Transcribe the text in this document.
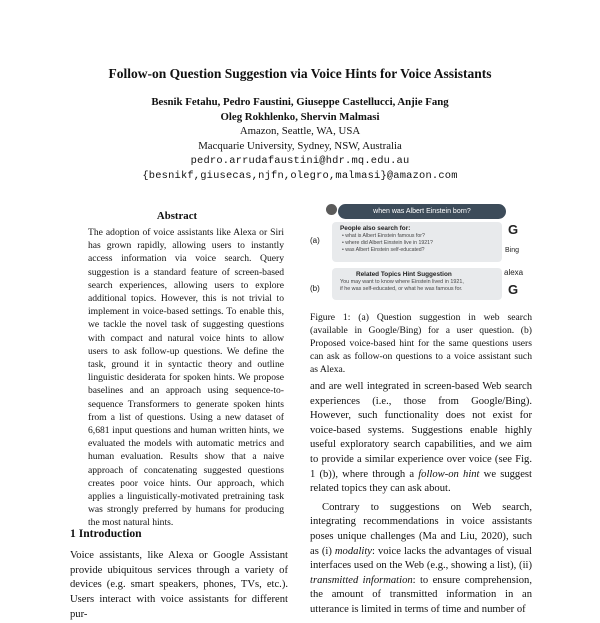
Follow-on Question Suggestion via Voice Hints for Voice Assistants
Besnik Fetahu, Pedro Faustini, Giuseppe Castellucci, Anjie Fang
Oleg Rokhlenko, Shervin Malmasi
Amazon, Seattle, WA, USA
Macquarie University, Sydney, NSW, Australia
pedro.arrudafaustini@hdr.mq.edu.au
{besnikf,giusecas,njfn,olegro,malmasi}@amazon.com
Abstract

The adoption of voice assistants like Alexa or Siri has grown rapidly, allowing users to instantly access information via voice search. Query suggestion is a standard feature of screen-based search experiences, allowing users to explore additional topics. However, this is not trivial to implement in voice-based settings. To enable this, we tackle the novel task of suggesting questions with compact and natural voice hints to allow users to ask follow-up questions. We define the task, ground it in syntactic theory and outline linguistic desiderata for spoken hints. We propose baselines and an approach using sequence-to-sequence Transformers to generate spoken hints from a list of questions. Using a new dataset of 6,681 input questions and human written hints, we evaluated the models with automatic metrics and human evaluation. Results show that a naive approach of concatenating suggested questions creates poor voice hints. Our approach, which applies a linguistically-motivated pretraining task was strongly preferred by humans for producing the most natural hints.

1 Introduction
Voice assistants, like Alexa or Google Assistant provide ubiquitous services through a variety of devices (e.g. smart speakers, phones, TVs, etc.). Users interact with voice assistants for different pur-
when was Albert Einstein born?
(a)
People also search for:
• what is Albert Einstein famous for?
• where did Albert Einstein live in 1921?
• was Albert Einstein self-educated?
G
Bing
(b)
Related Topics Hint Suggestion
You may want to know where Einstein lived in 1921,
if he was self-educated, or what he was famous for.
alexa
G
Figure 1: (a) Question suggestion in web search (available in Google/Bing) for a user question. (b) Proposed voice-based hint for the same questions users can ask as follow-on questions to a voice assistant such as Alexa.

and are well integrated in screen-based Web search experiences (i.e., those from Google/Bing). However, such functionality does not exist for voice-based systems. Suggestions enable highly useful exploratory search capabilities, and we aim to provide a similar experience over voice (see Fig. 1 (b)), where through a follow-on hint we suggest related topics they can ask about.

Contrary to suggestions on Web search, integrating recommendations in voice assistants poses unique challenges (Ma and Liu, 2020), such as (i) modality: voice lacks the advantages of visual interfaces used on the Web (e.g., showing a list), (ii) transmitted information: to ensure comprehension, the amount of transmitted information in an utterance is limited in terms of time and number of
